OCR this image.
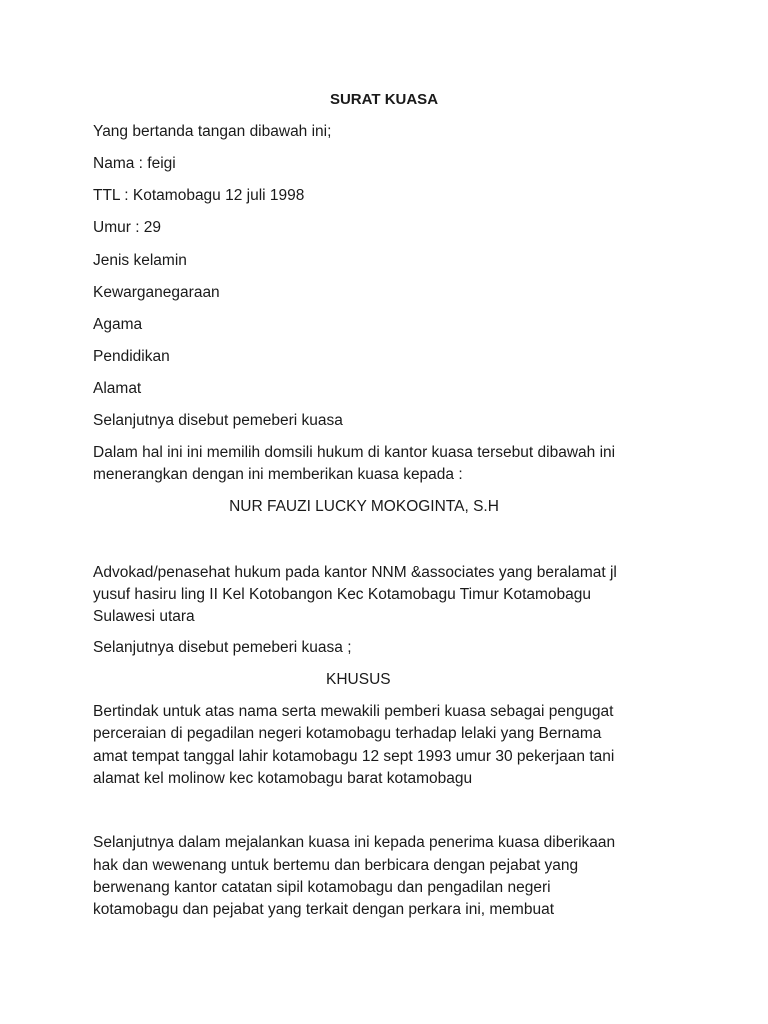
SURAT KUASA
Yang bertanda tangan dibawah ini;
Nama : feigi
TTL : Kotamobagu 12 juli 1998
Umur : 29
Jenis kelamin
Kewarganegaraan
Agama
Pendidikan
Alamat
Selanjutnya disebut pemeberi kuasa
Dalam hal ini ini memilih domsili hukum di kantor kuasa tersebut dibawah ini
menerangkan dengan ini memberikan kuasa kepada :
NUR FAUZI LUCKY MOKOGINTA, S.H
Advokad/penasehat hukum pada kantor NNM &associates yang beralamat jl
yusuf hasiru ling II Kel Kotobangon Kec Kotamobagu Timur Kotamobagu
Sulawesi utara
Selanjutnya disebut pemeberi kuasa ;
KHUSUS
Bertindak untuk atas nama serta mewakili pemberi kuasa sebagai pengugat
perceraian di pegadilan negeri kotamobagu terhadap lelaki yang Bernama
amat tempat tanggal lahir kotamobagu 12 sept 1993 umur 30 pekerjaan tani
alamat kel molinow kec kotamobagu barat kotamobagu
Selanjutnya dalam mejalankan kuasa ini kepada penerima kuasa diberikaan
hak dan wewenang untuk bertemu dan berbicara dengan pejabat yang
berwenang kantor catatan sipil kotamobagu dan pengadilan negeri
kotamobagu dan pejabat yang terkait dengan perkara ini, membuat
